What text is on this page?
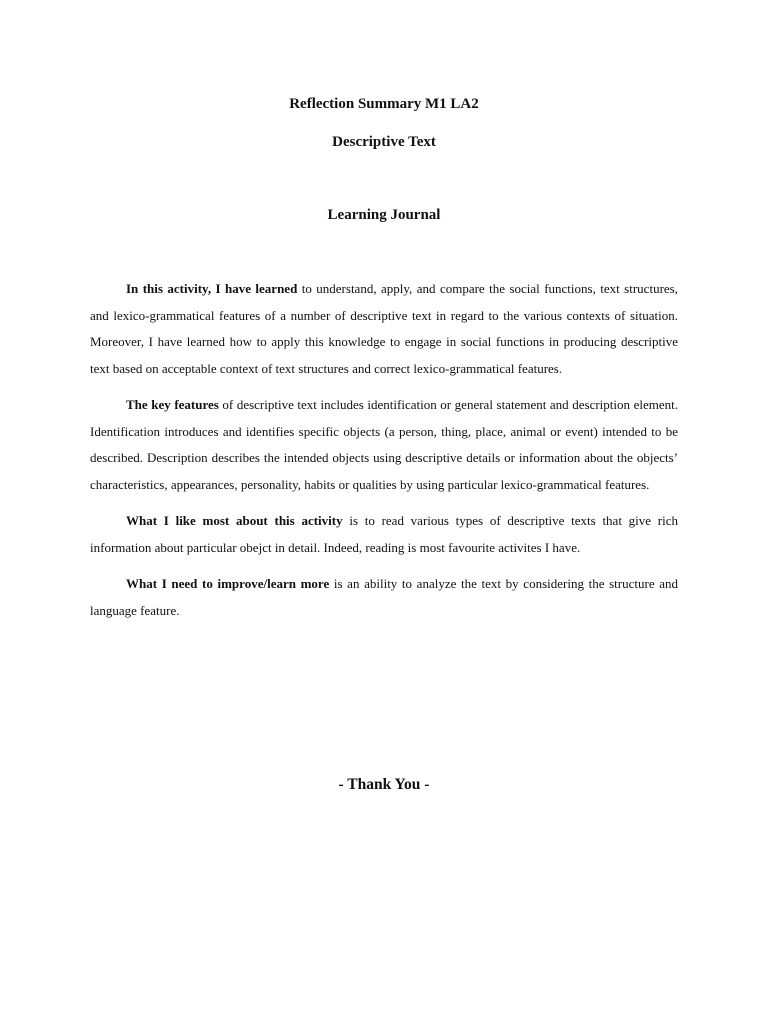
Reflection Summary M1 LA2
Descriptive Text
Learning Journal

In this activity, I have learned to understand, apply, and compare the social functions, text structures, and lexico-grammatical features of a number of descriptive text in regard to the various contexts of situation. Moreover, I have learned how to apply this knowledge to engage in social functions in producing descriptive text based on acceptable context of text structures and correct lexico-grammatical features.

The key features of descriptive text includes identification or general statement and description element. Identification introduces and identifies specific objects (a person, thing, place, animal or event) intended to be described. Description describes the intended objects using descriptive details or information about the objects’ characteristics, appearances, personality, habits or qualities by using particular lexico-grammatical features.

What I like most about this activity is to read various types of descriptive texts that give rich information about particular obejct in detail. Indeed, reading is most favourite activites I have.

What I need to improve/learn more is an ability to analyze the text by considering the structure and language feature.

- Thank You -
